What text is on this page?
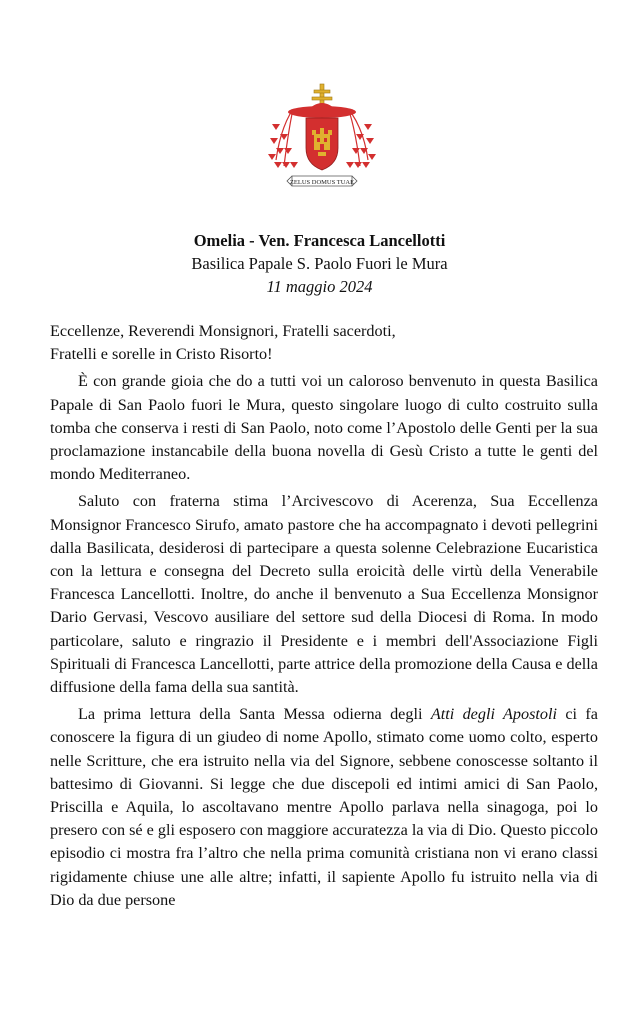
ZELUS DOMUS TUAE
Omelia - Ven. Francesca Lancellotti
Basilica Papale S. Paolo Fuori le Mura
11 maggio 2024

Eccellenze, Reverendi Monsignori, Fratelli sacerdoti,

Fratelli e sorelle in Cristo Risorto!

È con grande gioia che do a tutti voi un caloroso benvenuto in questa Basilica Papale di San Paolo fuori le Mura, questo singolare luogo di culto costruito sulla tomba che conserva i resti di San Paolo, noto come l’Apostolo delle Genti per la sua proclamazione instancabile della buona novella di Gesù Cristo a tutte le genti del mondo Mediterraneo.

Saluto con fraterna stima l’Arcivescovo di Acerenza, Sua Eccellenza Monsignor Francesco Sirufo, amato pastore che ha accompagnato i devoti pellegrini dalla Basilicata, desiderosi di partecipare a questa solenne Celebrazione Eucaristica con la lettura e consegna del Decreto sulla eroicità delle virtù della Venerabile Francesca Lancellotti. Inoltre, do anche il benvenuto a Sua Eccellenza Monsignor Dario Gervasi, Vescovo ausiliare del settore sud della Diocesi di Roma. In modo particolare, saluto e ringrazio il Presidente e i membri dell'Associazione Figli Spirituali di Francesca Lancellotti, parte attrice della promozione della Causa e della diffusione della fama della sua santità.

La prima lettura della Santa Messa odierna degli Atti degli Apostoli ci fa conoscere la figura di un giudeo di nome Apollo, stimato come uomo colto, esperto nelle Scritture, che era istruito nella via del Signore, sebbene conoscesse soltanto il battesimo di Giovanni. Si legge che due discepoli ed intimi amici di San Paolo, Priscilla e Aquila, lo ascoltavano mentre Apollo parlava nella sinagoga, poi lo presero con sé e gli esposero con maggiore accuratezza la via di Dio. Questo piccolo episodio ci mostra fra l’altro che nella prima comunità cristiana non vi erano classi rigidamente chiuse une alle altre; infatti, il sapiente Apollo fu istruito nella via di Dio da due persone
